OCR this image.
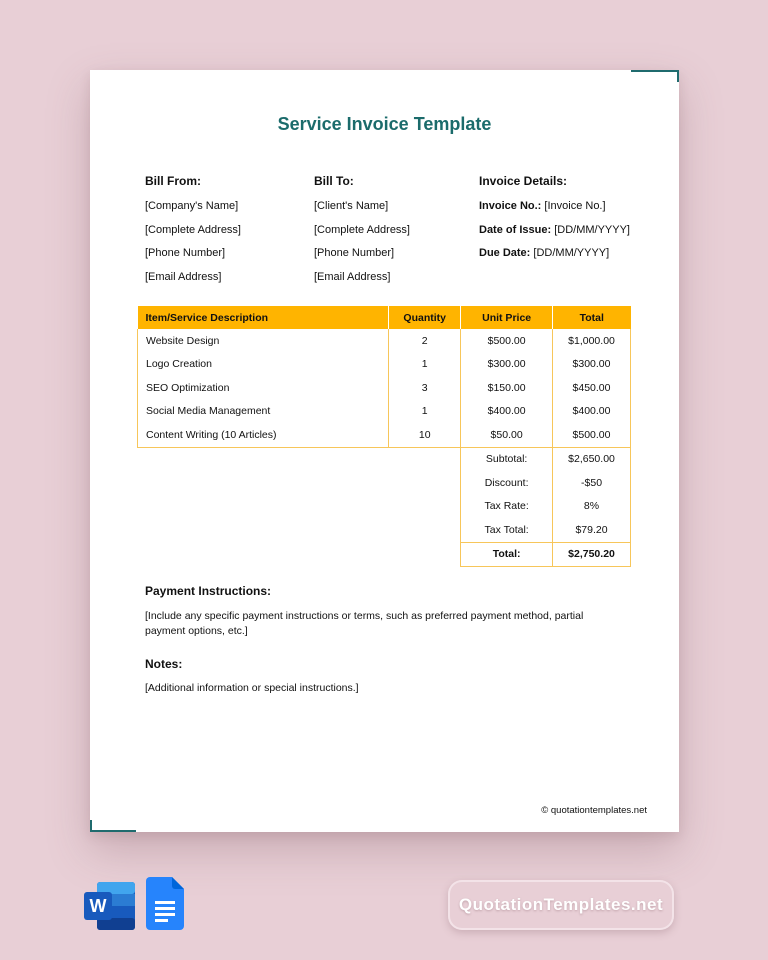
Service Invoice Template
Bill From:
[Company's Name]
[Complete Address]
[Phone Number]
[Email Address]
Bill To:
[Client's Name]
[Complete Address]
[Phone Number]
[Email Address]
Invoice Details:
Invoice No.: [Invoice No.]
Date of Issue: [DD/MM/YYYY]
Due Date: [DD/MM/YYYY]
Item/Service Description	Quantity	Unit Price	Total
Website Design	2	$500.00	$1,000.00
Logo Creation	1	$300.00	$300.00
SEO Optimization	3	$150.00	$450.00
Social Media Management	1	$400.00	$400.00
Content Writing (10 Articles)	10	$50.00	$500.00
		Subtotal:	$2,650.00
		Discount:	-$50
		Tax Rate:	8%
		Tax Total:	$79.20
		Total:	$2,750.20
Payment Instructions:
[Include any specific payment instructions or terms, such as preferred payment method, partial payment options, etc.]
Notes:
[Additional information or special instructions.]
© quotationtemplates.net
W	QuotationTemplates.net
